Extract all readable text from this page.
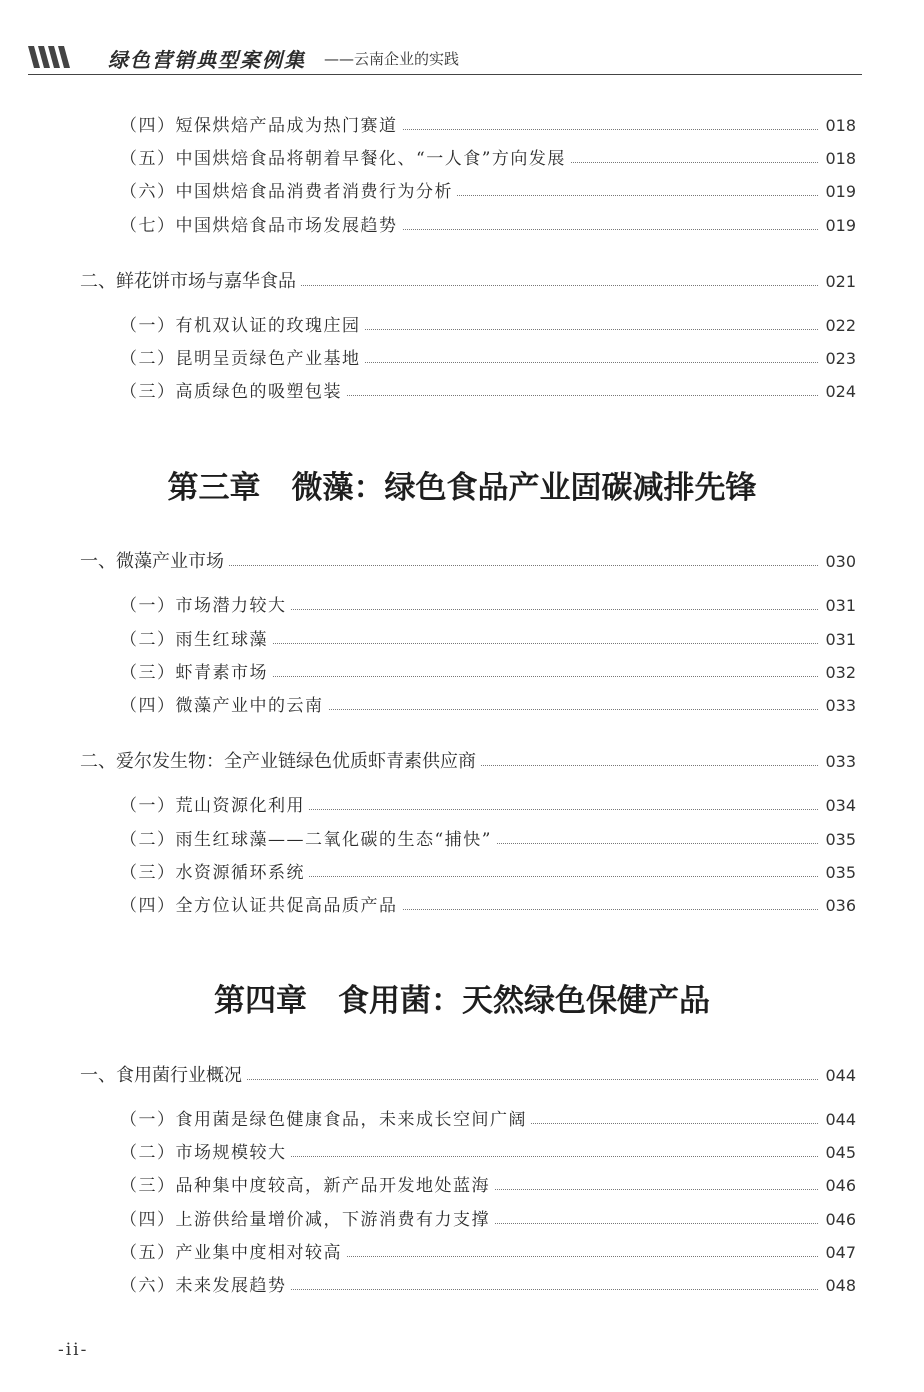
绿色营销典型案例集 ——云南企业的实践
（四）短保烘焙产品成为热门赛道	018
（五）中国烘焙食品将朝着早餐化、“一人食”方向发展	018
（六）中国烘焙食品消费者消费行为分析	019
（七）中国烘焙食品市场发展趋势	019
二、鲜花饼市场与嘉华食品	021
（一）有机双认证的玫瑰庄园	022
（二）昆明呈贡绿色产业基地	023
（三）高质绿色的吸塑包装	024
第三章　微藻：绿色食品产业固碳减排先锋
一、微藻产业市场	030
（一）市场潜力较大	031
（二）雨生红球藻	031
（三）虾青素市场	032
（四）微藻产业中的云南	033
二、爱尔发生物：全产业链绿色优质虾青素供应商	033
（一）荒山资源化利用	034
（二）雨生红球藻——二氧化碳的生态“捕快”	035
（三）水资源循环系统	035
（四）全方位认证共促高品质产品	036
第四章　食用菌：天然绿色保健产品
一、食用菌行业概况	044
（一）食用菌是绿色健康食品，未来成长空间广阔	044
（二）市场规模较大	045
（三）品种集中度较高，新产品开发地处蓝海	046
（四）上游供给量增价减，下游消费有力支撑	046
（五）产业集中度相对较高	047
（六）未来发展趋势	048
-ii-
